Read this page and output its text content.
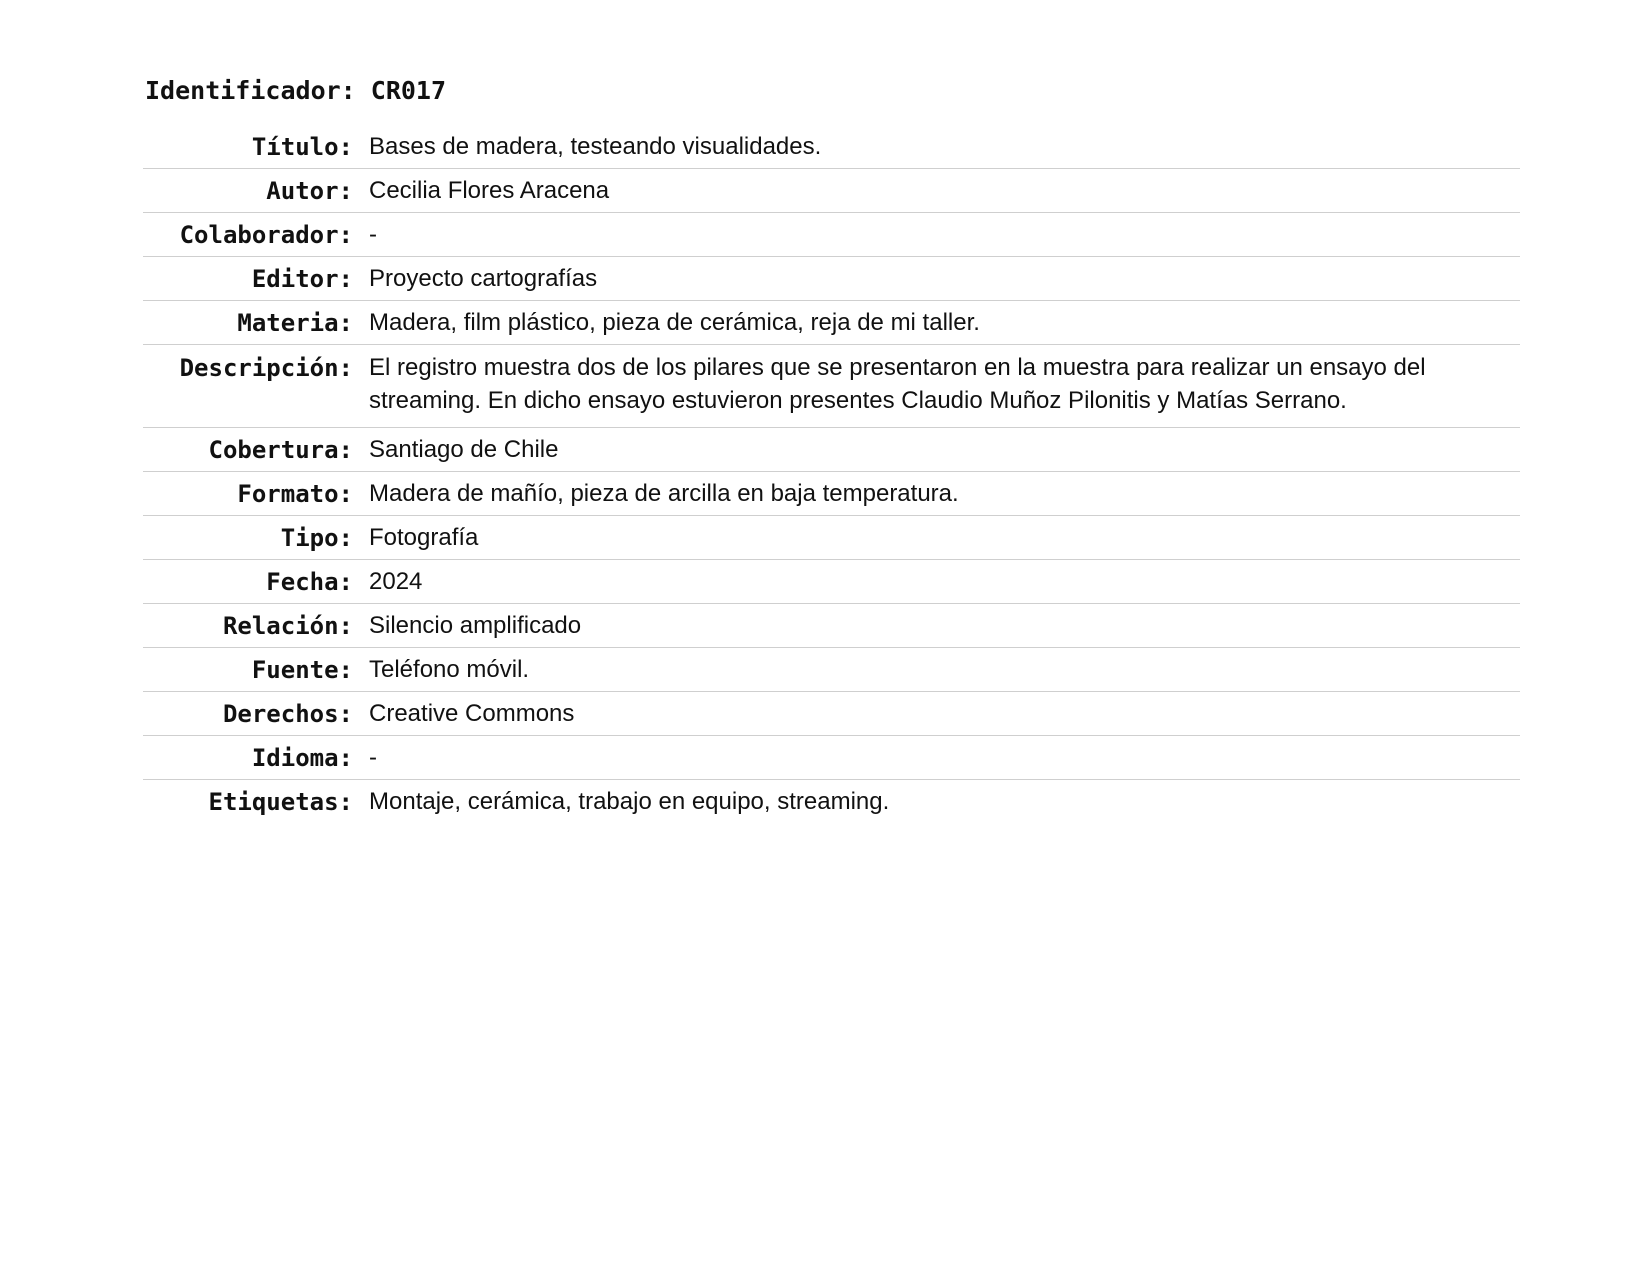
Identificador: CR017
Título: Bases de madera, testeando visualidades.
Autor: Cecilia Flores Aracena
Colaborador: -
Editor: Proyecto cartografías
Materia: Madera, film plástico, pieza de cerámica, reja de mi taller.
Descripción: El registro muestra dos de los pilares que se presentaron en la muestra para realizar un ensayo del streaming. En dicho ensayo estuvieron presentes Claudio Muñoz Pilonitis y Matías Serrano.
Cobertura: Santiago de Chile
Formato: Madera de mañío, pieza de arcilla en baja temperatura.
Tipo: Fotografía
Fecha: 2024
Relación: Silencio amplificado
Fuente: Teléfono móvil.
Derechos: Creative Commons
Idioma: -
Etiquetas: Montaje, cerámica, trabajo en equipo, streaming.
